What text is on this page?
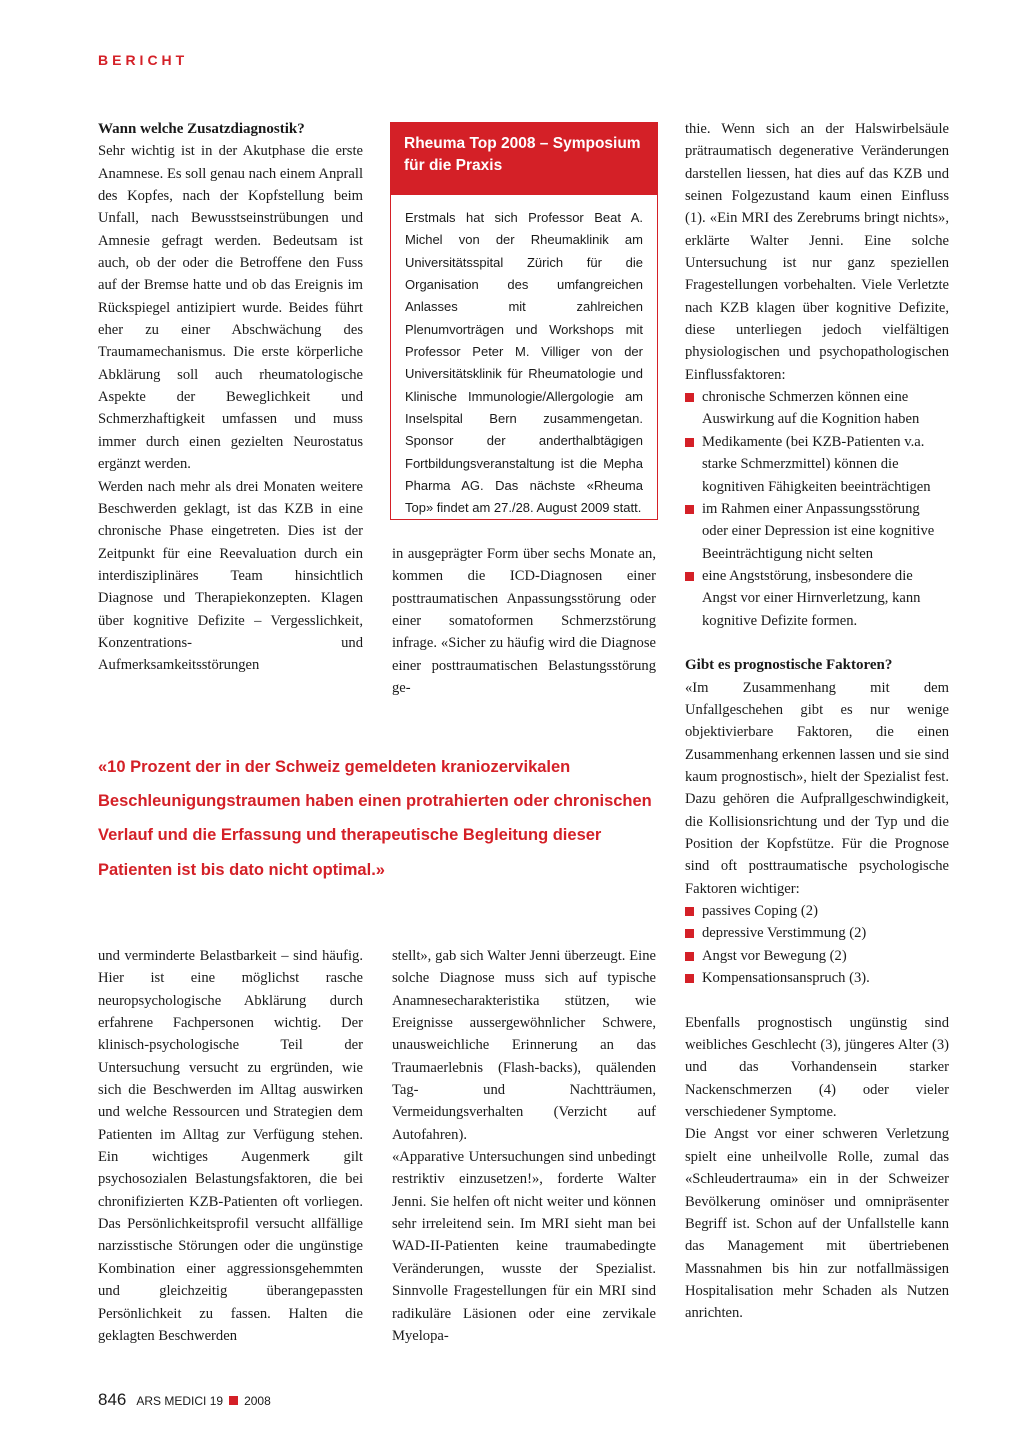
BERICHT
Wann welche Zusatzdiagnostik?

Sehr wichtig ist in der Akutphase die erste Anamnese. Es soll genau nach einem Anprall des Kopfes, nach der Kopfstellung beim Unfall, nach Bewusstseinstrübungen und Amnesie gefragt werden. Bedeutsam ist auch, ob der oder die Betroffene den Fuss auf der Bremse hatte und ob das Ereignis im Rückspiegel antizipiert wurde. Beides führt eher zu einer Abschwächung des Traumamechanismus. Die erste körperliche Abklärung soll auch rheumatologische Aspekte der Beweglichkeit und Schmerzhaftigkeit umfassen und muss immer durch einen gezielten Neurostatus ergänzt werden.

Werden nach mehr als drei Monaten weitere Beschwerden geklagt, ist das KZB in eine chronische Phase eingetreten. Dies ist der Zeitpunkt für eine Reevaluation durch ein interdisziplinäres Team hinsichtlich Diagnose und Therapiekonzepten. Klagen über kognitive Defizite – Vergesslichkeit, Konzentrations- und Aufmerksamkeitsstörungen

Rheuma Top 2008 – Symposium für die Praxis
Erstmals hat sich Professor Beat A. Michel von der Rheumaklinik am Universitätsspital Zürich für die Organisation des umfangreichen Anlasses mit zahlreichen Plenumvorträgen und Workshops mit Professor Peter M. Villiger von der Universitätsklinik für Rheumatologie und Klinische Immunologie/Allergologie am Inselspital Bern zusammengetan. Sponsor der anderthalbtägigen Fortbildungsveranstaltung ist die Mepha Pharma AG. Das nächste «Rheuma Top» findet am 27./28. August 2009 statt.

in ausgeprägter Form über sechs Monate an, kommen die ICD-Diagnosen einer posttraumatischen Anpassungsstörung oder einer somatoformen Schmerzstörung infrage. «Sicher zu häufig wird die Diagnose einer posttraumatischen Belastungsstörung ge-

thie. Wenn sich an der Halswirbelsäule prätraumatisch degenerative Veränderungen darstellen liessen, hat dies auf das KZB und seinen Folgezustand kaum einen Einfluss (1). «Ein MRI des Zerebrums bringt nichts», erklärte Walter Jenni. Eine solche Untersuchung ist nur ganz speziellen Fragestellungen vorbehalten. Viele Verletzte nach KZB klagen über kognitive Defizite, diese unterliegen jedoch vielfältigen physiologischen und psychopathologischen Einflussfaktoren:

chronische Schmerzen können eine Auswirkung auf die Kognition haben
Medikamente (bei KZB-Patienten v.a. starke Schmerzmittel) können die kognitiven Fähigkeiten beeinträchtigen
im Rahmen einer Anpassungsstörung oder einer Depression ist eine kognitive Beeinträchtigung nicht selten
eine Angststörung, insbesondere die Angst vor einer Hirnverletzung, kann kognitive Defizite formen.
Gibt es prognostische Faktoren?

«Im Zusammenhang mit dem Unfallgeschehen gibt es nur wenige objektivierbare Faktoren, die einen Zusammenhang erkennen lassen und sie sind kaum prognostisch», hielt der Spezialist fest. Dazu gehören die Aufprallgeschwindigkeit, die Kollisionsrichtung und der Typ und die Position der Kopfstütze. Für die Prognose sind oft posttraumatische psychologische Faktoren wichtiger:

passives Coping (2)
depressive Verstimmung (2)
Angst vor Bewegung (2)
Kompensationsanspruch (3).

Ebenfalls prognostisch ungünstig sind weibliches Geschlecht (3), jüngeres Alter (3) und das Vorhandensein starker Nackenschmerzen (4) oder vieler verschiedener Symptome.

Die Angst vor einer schweren Verletzung spielt eine unheilvolle Rolle, zumal das «Schleudertrauma» ein in der Schweizer Bevölkerung ominöser und omnipräsenter Begriff ist. Schon auf der Unfallstelle kann das Management mit übertriebenen Massnahmen bis hin zur notfallmässigen Hospitalisation mehr Schaden als Nutzen anrichten.

«10 Prozent der in der Schweiz gemeldeten kraniozervikalen Beschleunigungstraumen haben einen protrahierten oder chronischen Verlauf und die Erfassung und therapeutische Begleitung dieser Patienten ist bis dato nicht optimal.»

und verminderte Belastbarkeit – sind häufig. Hier ist eine möglichst rasche neuropsychologische Abklärung durch erfahrene Fachpersonen wichtig. Der klinisch-psychologische Teil der Untersuchung versucht zu ergründen, wie sich die Beschwerden im Alltag auswirken und welche Ressourcen und Strategien dem Patienten im Alltag zur Verfügung stehen. Ein wichtiges Augenmerk gilt psychosozialen Belastungsfaktoren, die bei chronifizierten KZB-Patienten oft vorliegen. Das Persönlichkeitsprofil versucht allfällige narzisstische Störungen oder die ungünstige Kombination einer aggressionsgehemmten und gleichzeitig überangepassten Persönlichkeit zu fassen. Halten die geklagten Beschwerden

stellt», gab sich Walter Jenni überzeugt. Eine solche Diagnose muss sich auf typische Anamnesecharakteristika stützen, wie Ereignisse aussergewöhnlicher Schwere, unausweichliche Erinnerung an das Traumaerlebnis (Flash-backs), quälenden Tag- und Nachtträumen, Vermeidungsverhalten (Verzicht auf Autofahren).

«Apparative Untersuchungen sind unbedingt restriktiv einzusetzen!», forderte Walter Jenni. Sie helfen oft nicht weiter und können sehr irreleitend sein. Im MRI sieht man bei WAD-II-Patienten keine traumabedingte Veränderungen, wusste der Spezialist. Sinnvolle Fragestellungen für ein MRI sind radikuläre Läsionen oder eine zervikale Myelopa-

846 ARS MEDICI 19 2008
